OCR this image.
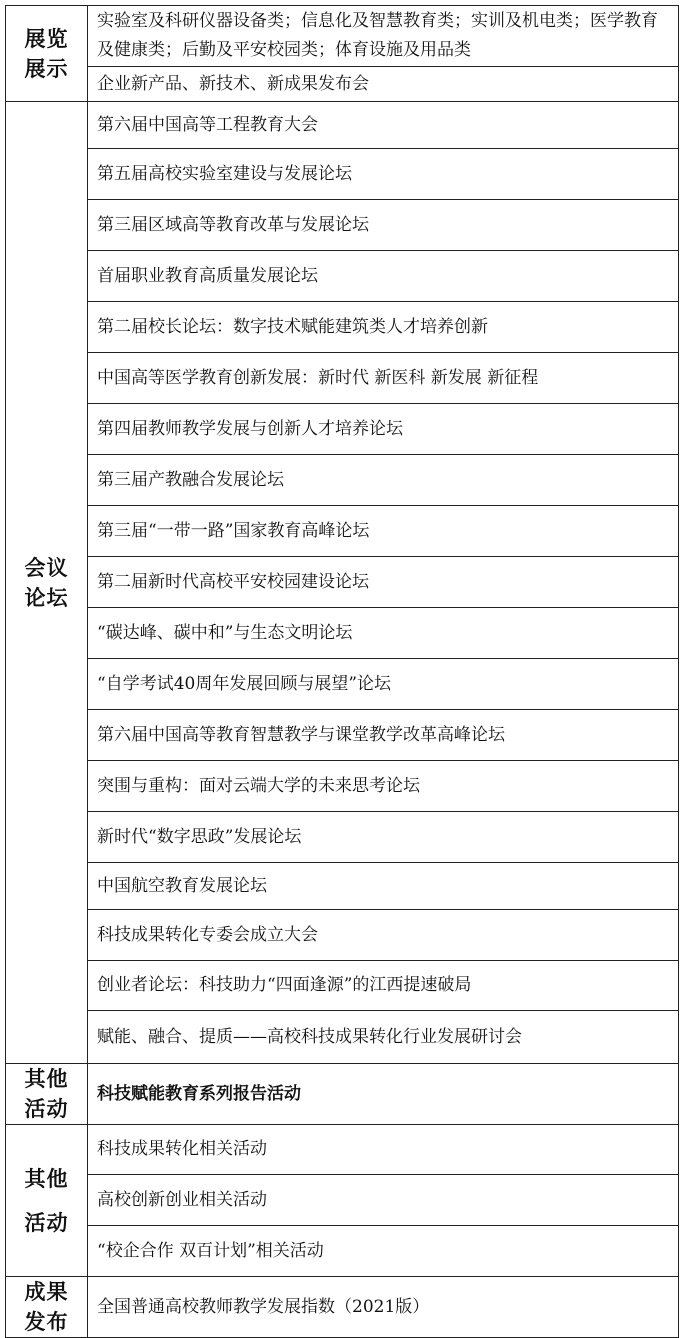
展览展示	实验室及科研仪器设备类；信息化及智慧教育类；实训及机电类；医学教育及健康类；后勤及平安校园类；体育设施及用品类
	企业新产品、新技术、新成果发布会
会议论坛	第六届中国高等工程教育大会
	第五届高校实验室建设与发展论坛
	第三届区域高等教育改革与发展论坛
	首届职业教育高质量发展论坛
	第二届校长论坛：数字技术赋能建筑类人才培养创新
	中国高等医学教育创新发展：新时代 新医科 新发展 新征程
	第四届教师教学发展与创新人才培养论坛
	第三届产教融合发展论坛
	第三届“一带一路”国家教育高峰论坛
	第二届新时代高校平安校园建设论坛
	“碳达峰、碳中和”与生态文明论坛
	“自学考试40周年发展回顾与展望”论坛
	第六届中国高等教育智慧教学与课堂教学改革高峰论坛
	突围与重构：面对云端大学的未来思考论坛
	新时代“数字思政”发展论坛
	中国航空教育发展论坛
	科技成果转化专委会成立大会
	创业者论坛：科技助力“四面逢源”的江西提速破局
	赋能、融合、提质——高校科技成果转化行业发展研讨会
其他活动	科技赋能教育系列报告活动
其他活动	科技成果转化相关活动
	高校创新创业相关活动
	“校企合作 双百计划”相关活动
成果发布	全国普通高校教师教学发展指数（2021版）
